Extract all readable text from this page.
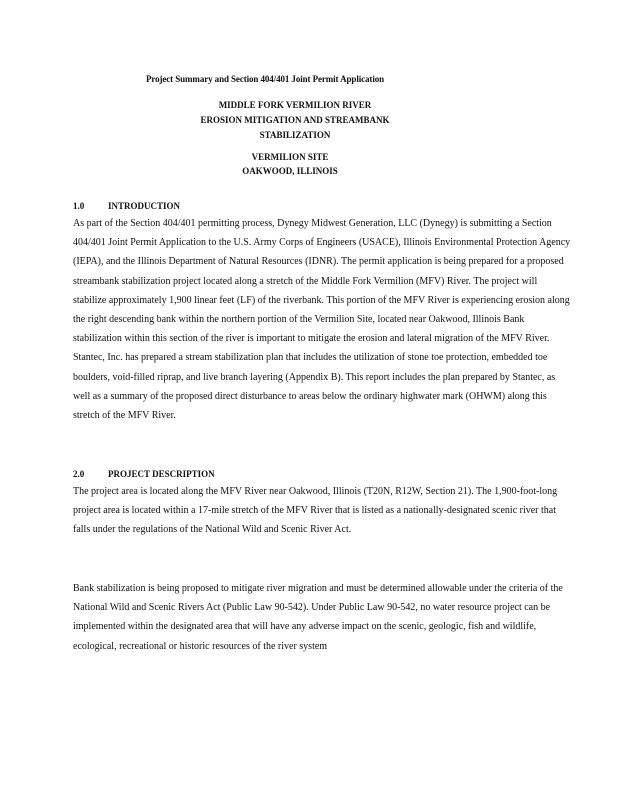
Project Summary and Section 404/401 Joint Permit Application
MIDDLE FORK VERMILION RIVER
EROSION MITIGATION AND STREAMBANK
STABILIZATION
VERMILION SITE
OAKWOOD, ILLINOIS
1.0	INTRODUCTION

As part of the Section 404/401 permitting process, Dynegy Midwest Generation, LLC (Dynegy) is submitting a Section 404/401 Joint Permit Application to the U.S. Army Corps of Engineers (USACE), Illinois Environmental Protection Agency (IEPA), and the Illinois Department of Natural Resources (IDNR). The permit application is being prepared for a proposed streambank stabilization project located along a stretch of the Middle Fork Vermilion (MFV) River. The project will stabilize approximately 1,900 linear feet (LF) of the riverbank. This portion of the MFV River is experiencing erosion along the right descending bank within the northern portion of the Vermilion Site, located near Oakwood, Illinois Bank stabilization within this section of the river is important to mitigate the erosion and lateral migration of the MFV River. Stantec, Inc. has prepared a stream stabilization plan that includes the utilization of stone toe protection, embedded toe boulders, void-filled riprap, and live branch layering (Appendix B). This report includes the plan prepared by Stantec, as well as a summary of the proposed direct disturbance to areas below the ordinary highwater mark (OHWM) along this stretch of the MFV River.

2.0	PROJECT DESCRIPTION

The project area is located along the MFV River near Oakwood, Illinois (T20N, R12W, Section 21). The 1,900-foot-long project area is located within a 17-mile stretch of the MFV River that is listed as a nationally-designated scenic river that falls under the regulations of the National Wild and Scenic River Act.

Bank stabilization is being proposed to mitigate river migration and must be determined allowable under the criteria of the National Wild and Scenic Rivers Act (Public Law 90-542). Under Public Law 90-542, no water resource project can be implemented within the designated area that will have any adverse impact on the scenic, geologic, fish and wildlife, ecological, recreational or historic resources of the river system
